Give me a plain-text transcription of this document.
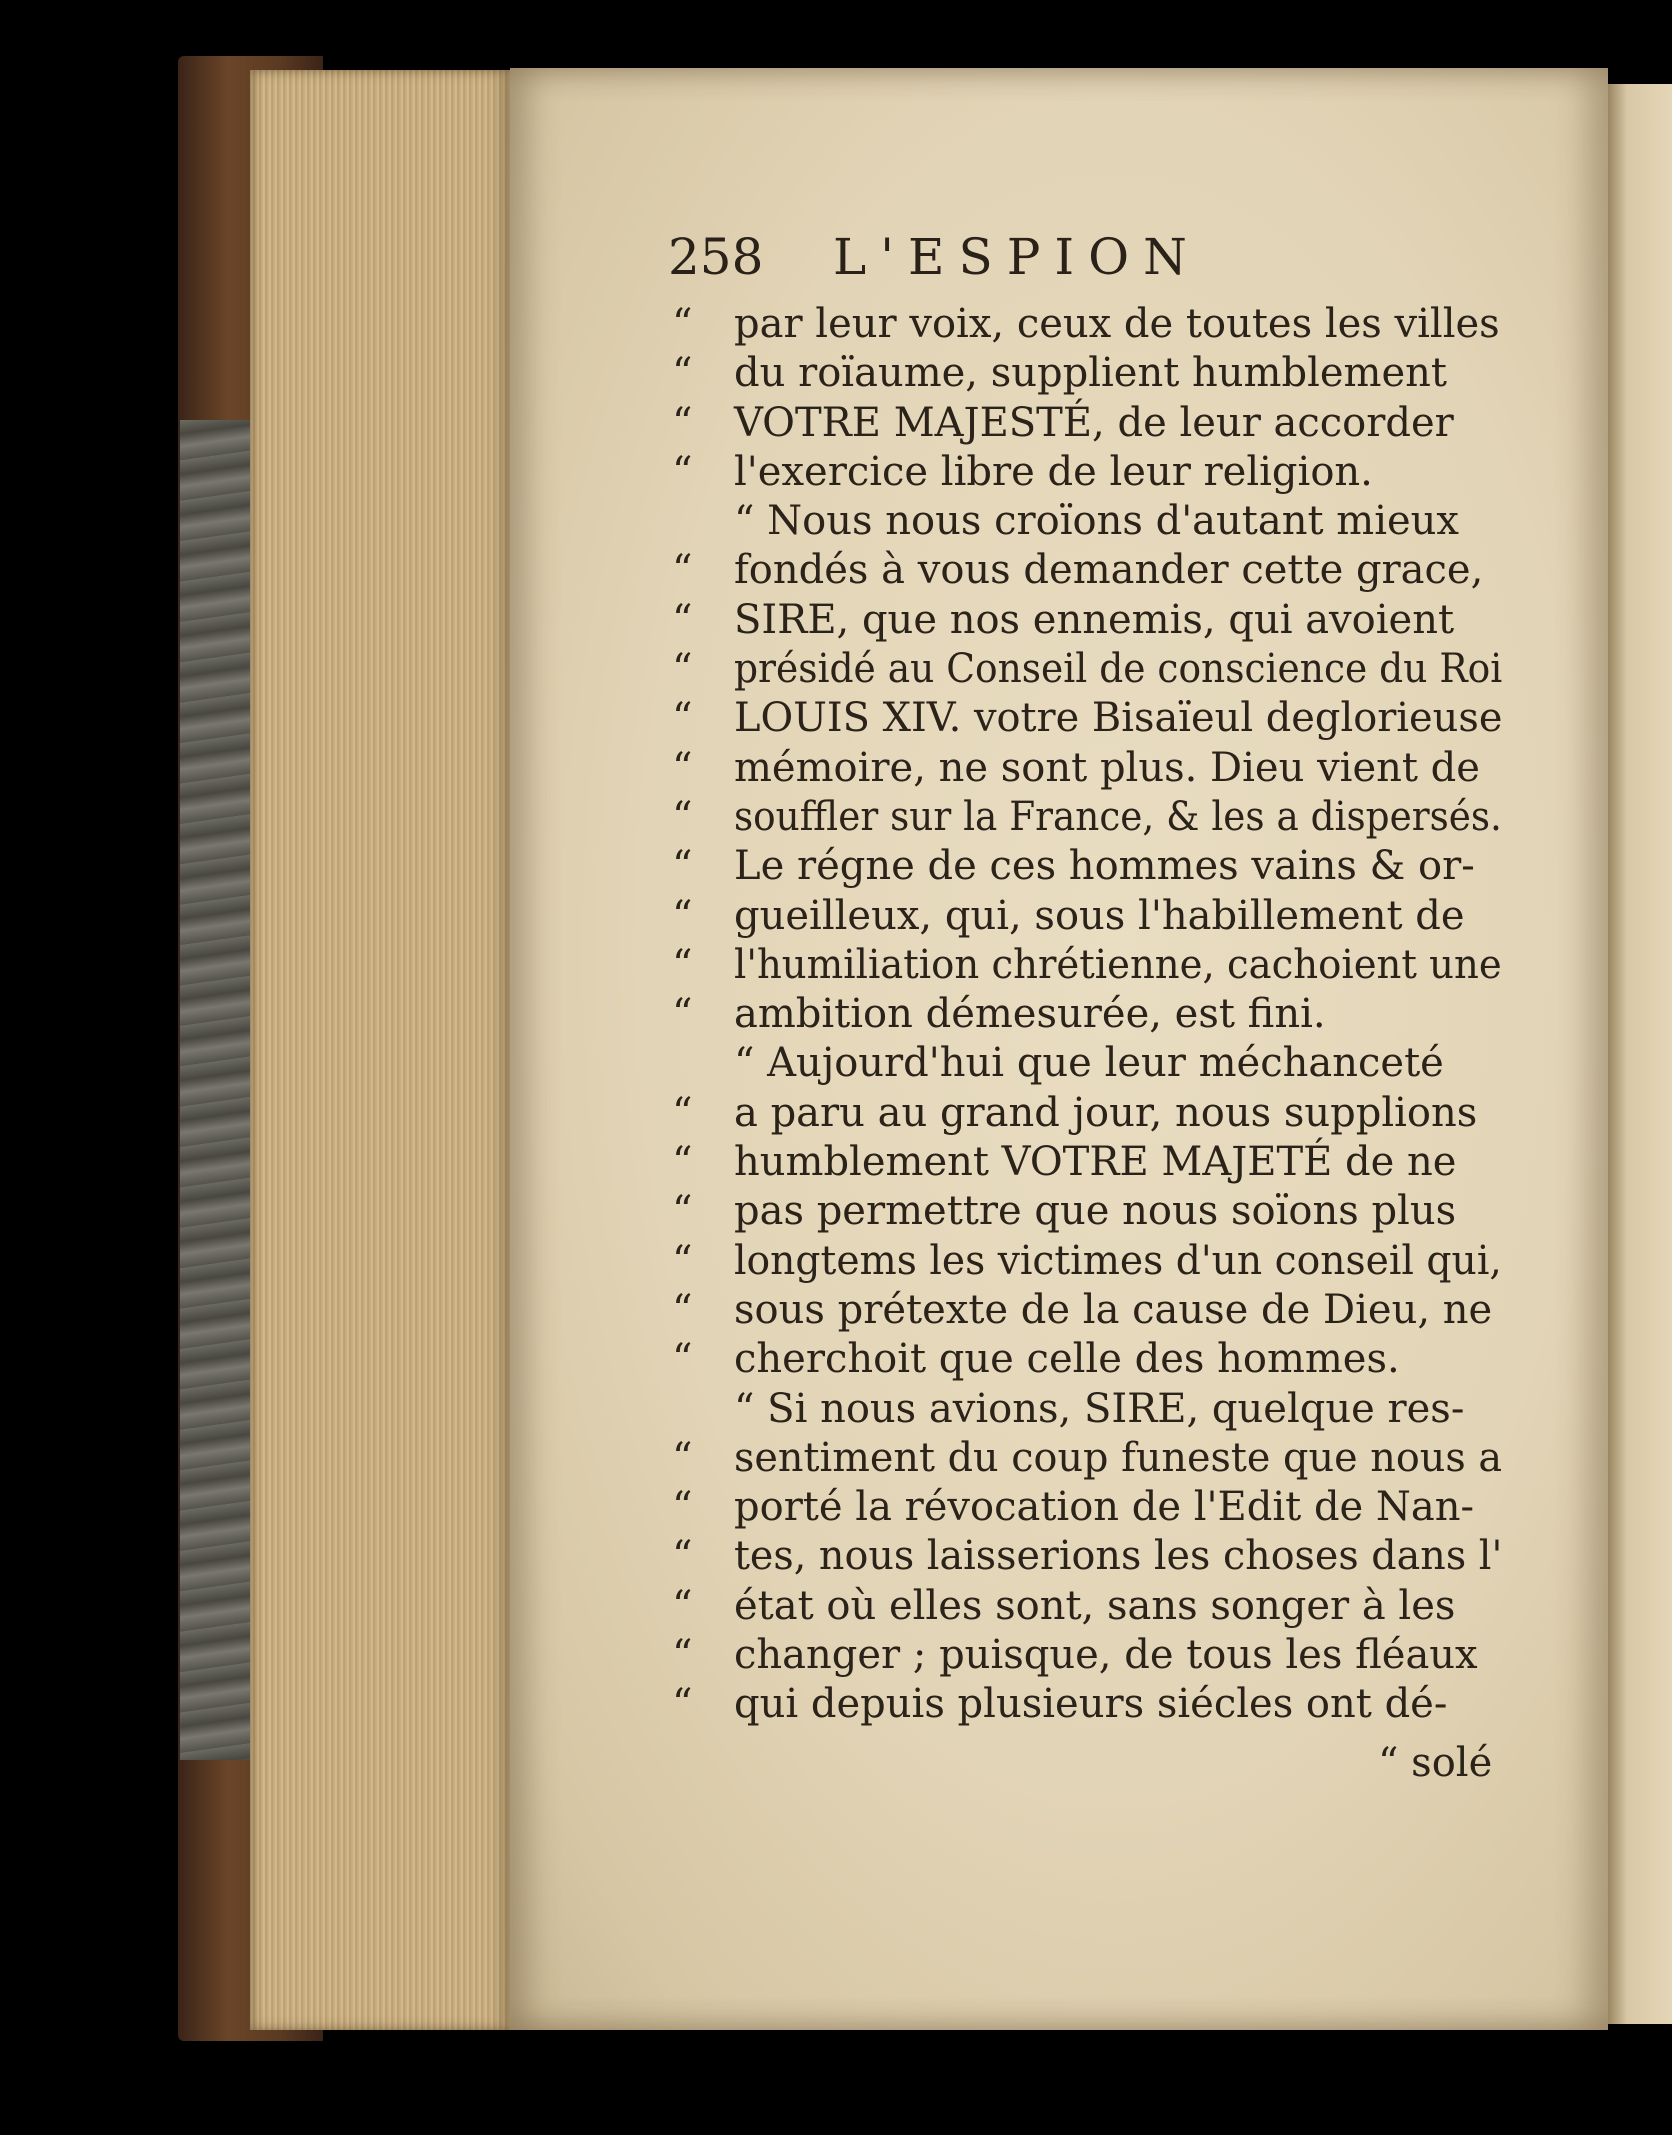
258 L'ESPION
“	par leur voix, ceux de toutes les villes
“	du roïaume, supplient humblement
“	VOTRE MAJESTÉ, de leur accorder
“	l'exercice libre de leur religion.
“ Nous nous croïons d'autant mieux
“	fondés à vous demander cette grace,
“	SIRE, que nos ennemis, qui avoient
“	présidé au Conseil de conscience du Roi
“	LOUIS XIV. votre Bisaïeul deglorieuse
“	mémoire, ne sont plus. Dieu vient de
“	souffler sur la France, & les a dispersés.
“	Le régne de ces hommes vains & or-
“	gueilleux, qui, sous l'habillement de
“	l'humiliation chrétienne, cachoient une
“	ambition démesurée, est fini.
“ Aujourd'hui que leur méchanceté
“	a paru au grand jour, nous supplions
“	humblement VOTRE MAJETÉ de ne
“	pas permettre que nous soïons plus
“	longtems les victimes d'un conseil qui,
“	sous prétexte de la cause de Dieu, ne
“	cherchoit que celle des hommes.
“ Si nous avions, SIRE, quelque res-
“	sentiment du coup funeste que nous a
“	porté la révocation de l'Edit de Nan-
“	tes, nous laisserions les choses dans l'
“	état où elles sont, sans songer à les
“	changer ; puisque, de tous les fléaux
“	qui depuis plusieurs siécles ont dé-
“ solé
